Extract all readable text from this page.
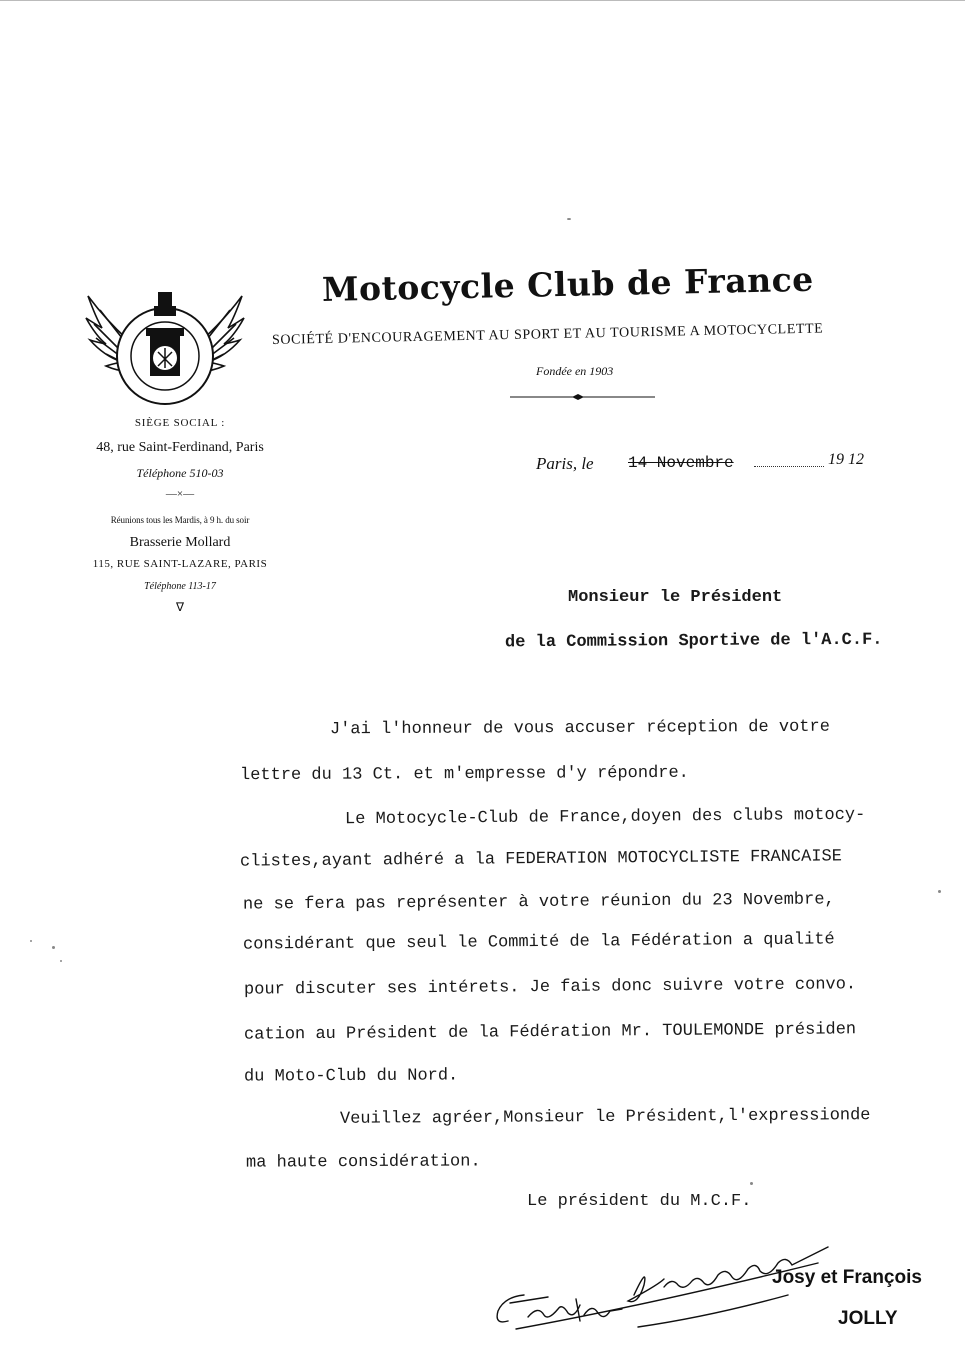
Motocycle Club de France
SOCIÉTÉ D'ENCOURAGEMENT AU SPORT ET AU TOURISME A MOTOCYCLETTE
Fondée en 1903
SIÈGE SOCIAL :
48, rue Saint-Ferdinand, Paris
Téléphone 510-03
—×—
Réunions tous les Mardis, à 9 h. du soir
Brasserie Mollard
115, RUE SAINT-LAZARE, PARIS
Téléphone 113-17
∇
Paris, le 14 Novembre	19 12
Monsieur le Président
de la Commission Sportive de l'A.C.F.
J'ai l'honneur de vous accuser réception de votre
lettre du 13 Ct. et m'empresse d'y répondre.
Le Motocycle-Club de France,doyen des clubs motocy-
clistes,ayant adhéré a la FEDERATION MOTOCYCLISTE FRANCAISE
ne se fera pas représenter à votre réunion du 23 Novembre,
considérant que seul le Commité de la Fédération a qualité
pour discuter ses intérets. Je fais donc suivre votre convo.
cation au Président de la Fédération Mr. TOULEMONDE présiden
du Moto-Club du Nord.
Veuillez agréer,Monsieur le Président,l'expressionde
ma haute considération.
Le président du M.C.F.
Josy et François
JOLLY
